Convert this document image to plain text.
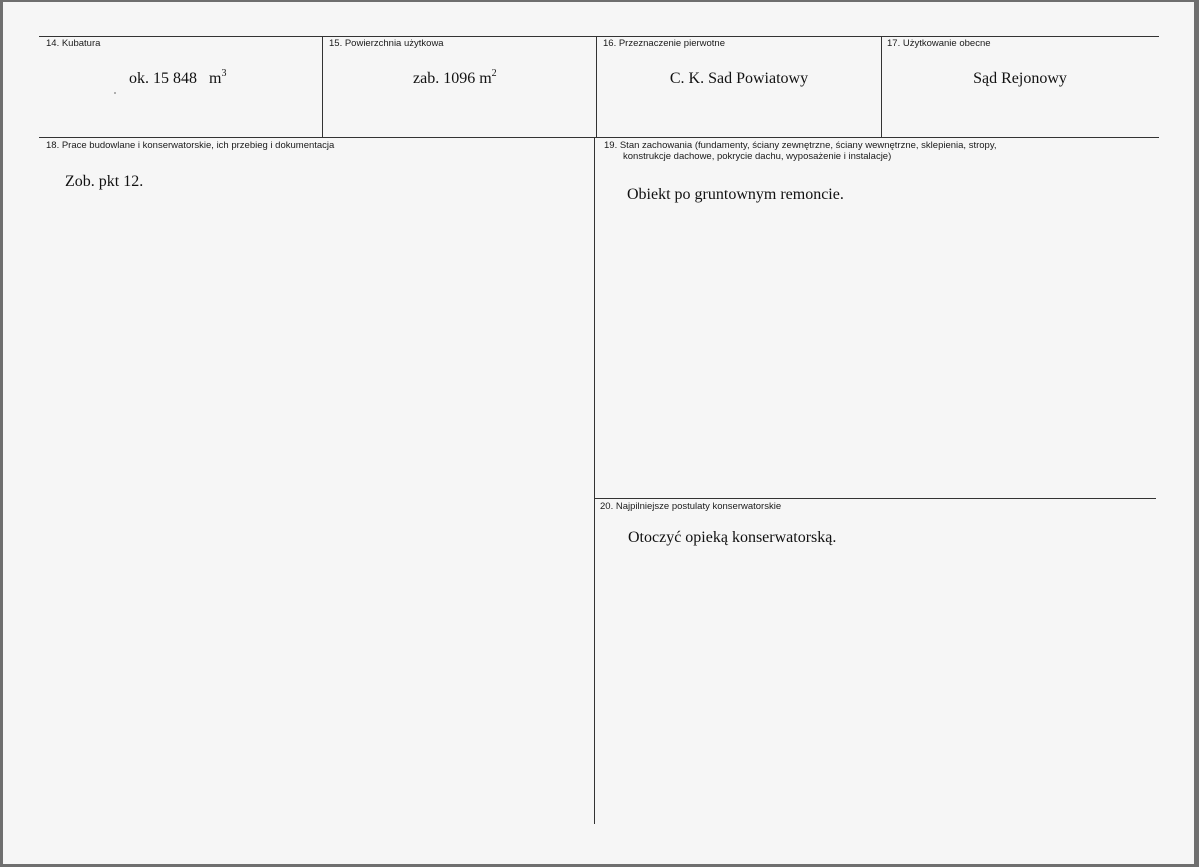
14. Kubatura
ok. 15 848 $m^3$
15. Powierzchnia użytkowa
zab. 1096 $m^2$
16. Przeznaczenie pierwotne
C. K. Sad Powiatowy
17. Użytkowanie obecne
Sąd Rejonowy
18. Prace budowlane i konserwatorskie, ich przebieg i dokumentacja
Zob. pkt 12.
19. Stan zachowania (fundamenty, ściany zewnętrzne, ściany wewnętrzne, sklepienia, stropy,
konstrukcje dachowe, pokrycie dachu, wyposażenie i instalacje)
Obiekt po gruntownym remoncie.
20. Najpilniejsze postulaty konserwatorskie
Otoczyć opieką konserwatorską.
